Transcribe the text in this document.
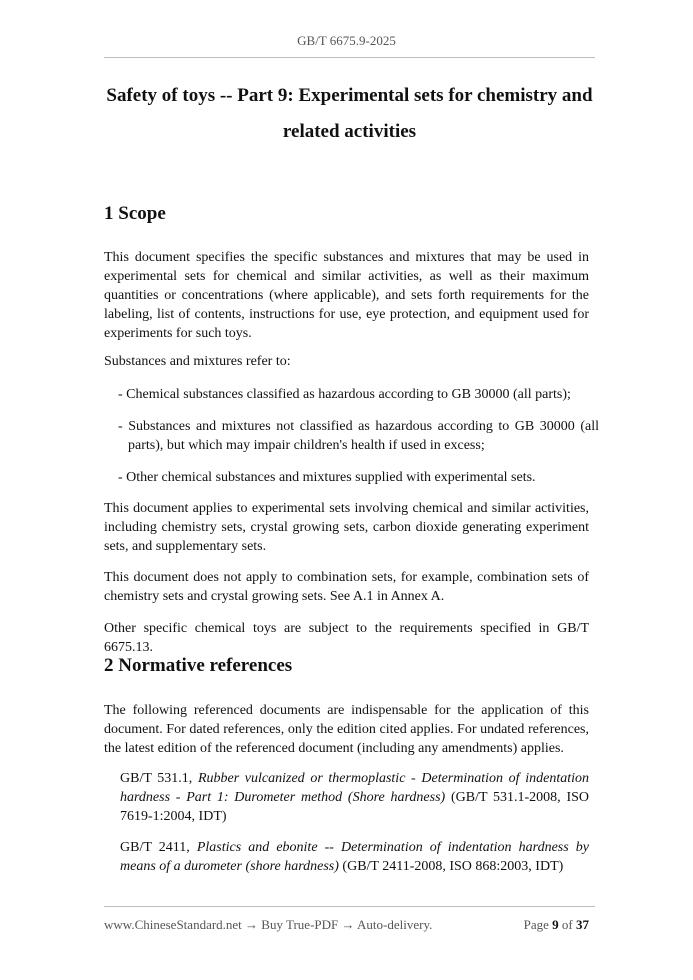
GB/T 6675.9-2025
Safety of toys -- Part 9: Experimental sets for chemistry and related activities
1 Scope

This document specifies the specific substances and mixtures that may be used in experimental sets for chemical and similar activities, as well as their maximum quantities or concentrations (where applicable), and sets forth requirements for the labeling, list of contents, instructions for use, eye protection, and equipment used for experiments for such toys.

Substances and mixtures refer to:

- Chemical substances classified as hazardous according to GB 30000 (all parts);

- Substances and mixtures not classified as hazardous according to GB 30000 (all parts), but which may impair children's health if used in excess;

- Other chemical substances and mixtures supplied with experimental sets.

This document applies to experimental sets involving chemical and similar activities, including chemistry sets, crystal growing sets, carbon dioxide generating experiment sets, and supplementary sets.

This document does not apply to combination sets, for example, combination sets of chemistry sets and crystal growing sets. See A.1 in Annex A.

Other specific chemical toys are subject to the requirements specified in GB/T 6675.13.

2 Normative references

The following referenced documents are indispensable for the application of this document. For dated references, only the edition cited applies. For undated references, the latest edition of the referenced document (including any amendments) applies.

GB/T 531.1, Rubber vulcanized or thermoplastic - Determination of indentation hardness - Part 1: Durometer method (Shore hardness) (GB/T 531.1-2008, ISO 7619-1:2004, IDT)

GB/T 2411, Plastics and ebonite -- Determination of indentation hardness by means of a durometer (shore hardness) (GB/T 2411-2008, ISO 868:2003, IDT)

www.ChineseStandard.net → Buy True-PDF → Auto-delivery.	Page 9 of 37
